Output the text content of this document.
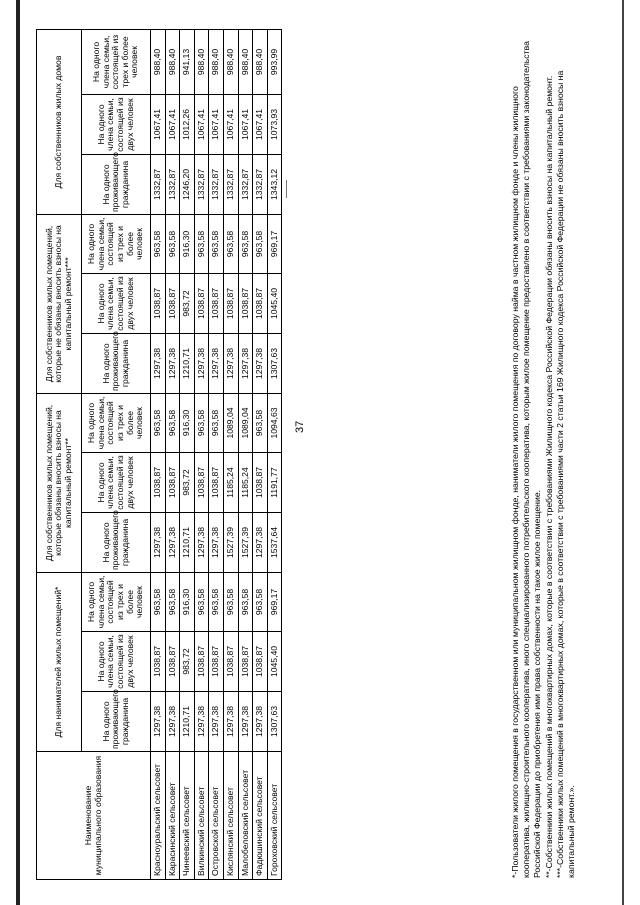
37
Наименование муниципального образования	Для нанимателей жилых помещений*			Для собственников жилых помещений, которые обязаны вносить взносы на капитальный ремонт**			Для собственников жилых помещений, которые не обязаны вносить взносы на капитальный ремонт***			Для собственников жилых домов		
	На одного проживающего гражданина	На одного члена семьи, состоящей из двух человек	На одного члена семьи, состоящей из трех и более человек	На одного проживающего гражданина	На одного члена семьи, состоящей из двух человек	На одного члена семьи, состоящей из трех и более человек	На одного проживающего гражданина	На одного члена семьи, состоящей из двух человек	На одного члена семьи, состоящей из трех и более человек	На одного проживающего гражданина	На одного члена семьи, состоящей из двух человек	На одного члена семьи, состоящей из трех и более человек
Красноуральский сельсовет	1297,38	1038,87	963,58	1297,38	1038,87	963,58	1297,38	1038,87	963,58	1332,87	1067,41	988,40
Карасинский сельсовет	1297,38	1038,87	963,58	1297,38	1038,87	963,58	1297,38	1038,87	963,58	1332,87	1067,41	988,40
Чинеевский сельсовет	1210,71	983,72	916,30	1210,71	983,72	916,30	1210,71	983,72	916,30	1246,20	1012,26	941,13
Вилкинский сельсовет	1297,38	1038,87	963,58	1297,38	1038,87	963,58	1297,38	1038,87	963,58	1332,87	1067,41	988,40
Островской сельсовет	1297,38	1038,87	963,58	1297,38	1038,87	963,58	1297,38	1038,87	963,58	1332,87	1067,41	988,40
Кислянский сельсовет	1297,38	1038,87	963,58	1527,39	1185,24	1089,04	1297,38	1038,87	963,58	1332,87	1067,41	988,40
Малобеловский сельсовет	1297,38	1038,87	963,58	1527,39	1185,24	1089,04	1297,38	1038,87	963,58	1332,87	1067,41	988,40
Фадюшинский сельсовет	1297,38	1038,87	963,58	1297,38	1038,87	963,58	1297,38	1038,87	963,58	1332,87	1067,41	988,40
Гороховский сельсовет	1307,63	1045,40	969,17	1537,64	1191,77	1094,63	1307,63	1045,40	969,17	1343,12	1073,93	993,99

*-Пользователи жилого помещения в государственном или муниципальном жилищном фонде, наниматели жилого помещения по договору найма в частном жилищном фонде и члены жилищного кооператива, жилищно-строительного кооператива, иного специализированного потребительского кооператива, которым жилое помещение предоставлено в соответствии с требованиями законодательства Российской Федерации до приобретения ими права собственности на такое жилое помещение. **-Собственники жилых помещений в многоквартирных домах, которые в соответствии с требованиями Жилищного кодекса Российской Федерации обязаны вносить взносы на капитальный ремонт. ***-Собственники жилых помещений в многоквартирных домах, которые в соответствии с требованиями части 2 статьи 169 Жилищного кодекса Российской Федерации не обязаны вносить взносы на капитальный ремонт.».
